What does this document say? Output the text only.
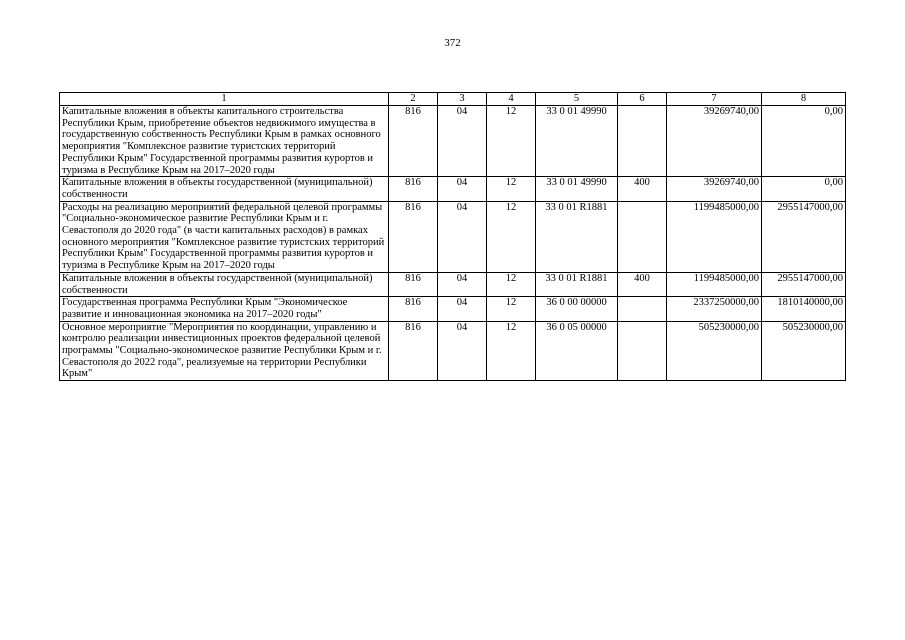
372
1	2	3	4	5	6	7	8
Капитальные вложения в объекты капитального строительства Республики Крым, приобретение объектов недвижимого имущества в государственную собственность Республики Крым в рамках основного мероприятия "Комплексное развитие туристских территорий Республики Крым" Государственной программы развития курортов и туризма в Республике Крым на 2017–2020 годы	816	04	12	33 0 01 49990		39269740,00	0,00
Капитальные вложения в объекты государственной (муниципальной) собственности	816	04	12	33 0 01 49990	400	39269740,00	0,00
Расходы на реализацию мероприятий федеральной целевой программы "Социально-экономическое развитие Республики Крым и г. Севастополя до 2020 года" (в части капитальных расходов) в рамках основного мероприятия "Комплексное развитие туристских территорий Республики Крым" Государственной программы развития курортов и туризма в Республике Крым на 2017–2020 годы	816	04	12	33 0 01 R1881		1199485000,00	2955147000,00
Капитальные вложения в объекты государственной (муниципальной) собственности	816	04	12	33 0 01 R1881	400	1199485000,00	2955147000,00
Государственная программа Республики Крым "Экономическое развитие и инновационная экономика на 2017–2020 годы"	816	04	12	36 0 00 00000		2337250000,00	1810140000,00
Основное мероприятие "Мероприятия по координации, управлению и контролю реализации инвестиционных проектов федеральной целевой программы "Социально-экономическое развитие Республики Крым и г. Севастополя до 2022 года", реализуемые на территории Республики Крым"	816	04	12	36 0 05 00000		505230000,00	505230000,00
